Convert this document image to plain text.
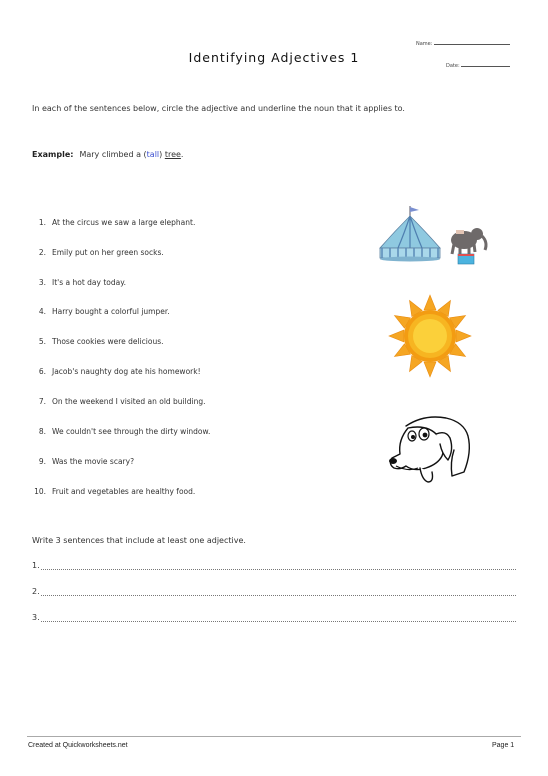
Name:
Date:
Identifying Adjectives 1
In each of the sentences below, circle the adjective and underline the noun that it applies to.
Example: Mary climbed a (tall) tree.
1. At the circus we saw a large elephant.
2. Emily put on her green socks.
3. It's a hot day today.
4. Harry bought a colorful jumper.
5. Those cookies were delicious.
6. Jacob's naughty dog ate his homework!
7. On the weekend I visited an old building.
8. We couldn't see through the dirty window.
9. Was the movie scary?
10. Fruit and vegetables are healthy food.
Write 3 sentences that include at least one adjective.
1.
2.
3.
Created at Quickworksheets.net	Page 1
